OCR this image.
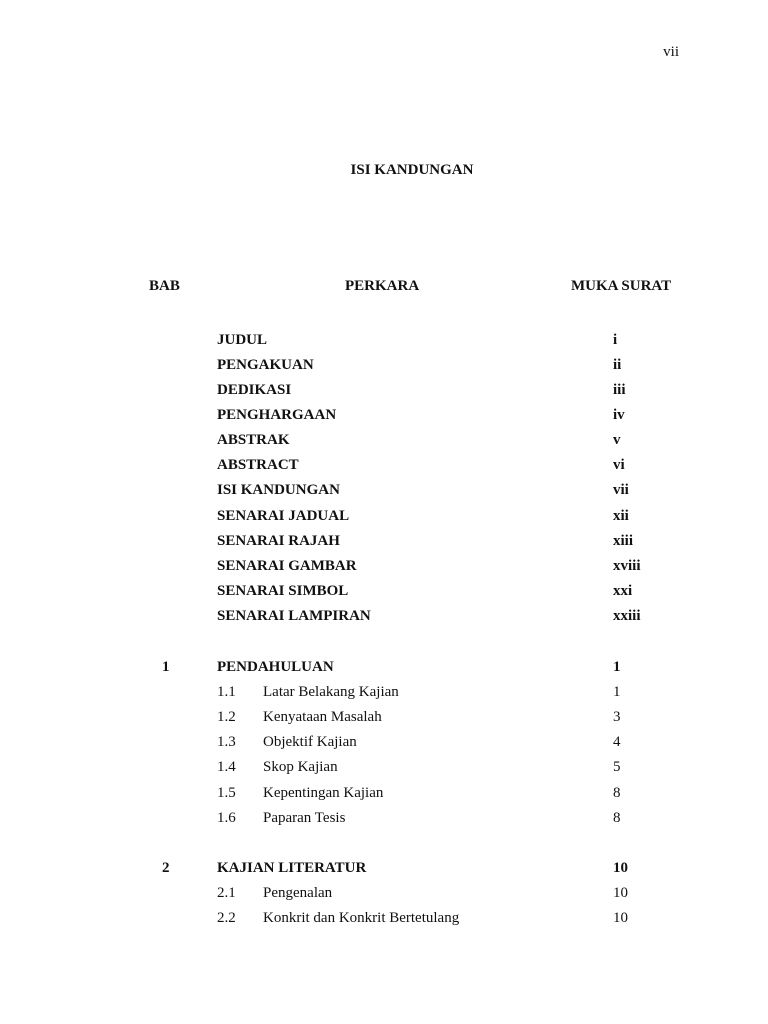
vii
ISI KANDUNGAN
BAB	PERKARA	MUKA SURAT
JUDUL	i
PENGAKUAN	ii
DEDIKASI	iii
PENGHARGAAN	iv
ABSTRAK	v
ABSTRACT	vi
ISI KANDUNGAN	vii
SENARAI JADUAL	xii
SENARAI RAJAH	xiii
SENARAI GAMBAR	xviii
SENARAI SIMBOL	xxi
SENARAI LAMPIRAN	xxiii
1	PENDAHULUAN	1
1.1 Latar Belakang Kajian	1
1.2 Kenyataan Masalah	3
1.3 Objektif Kajian	4
1.4 Skop Kajian	5
1.5 Kepentingan Kajian	8
1.6 Paparan Tesis	8
2	KAJIAN LITERATUR	10
2.1 Pengenalan	10
2.2 Konkrit dan Konkrit Bertetulang	10
